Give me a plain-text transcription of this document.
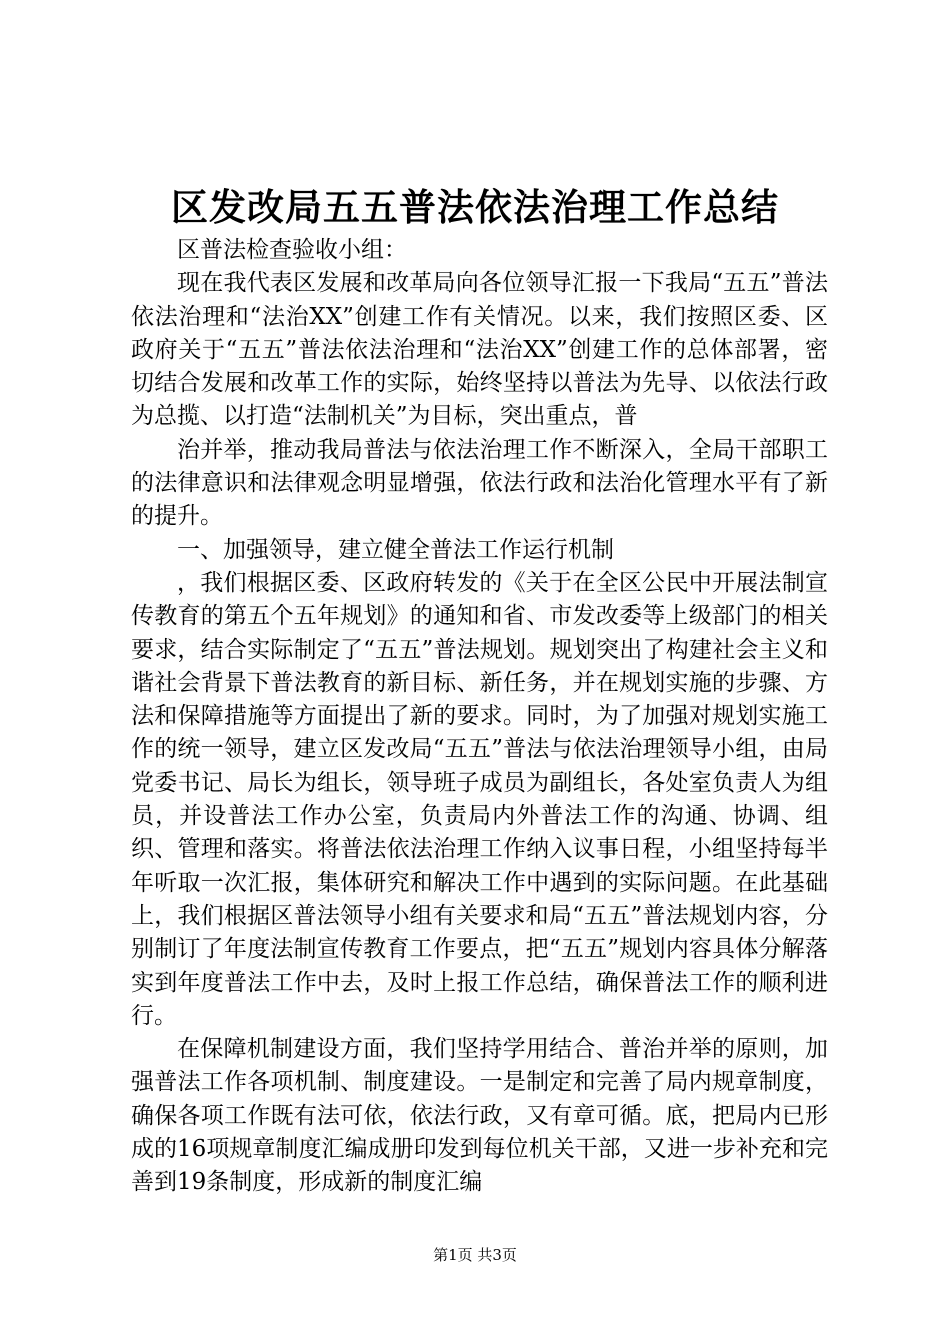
区发改局五五普法依法治理工作总结

区普法检查验收小组：

现在我代表区发展和改革局向各位领导汇报一下我局“五五”普法依法治理和“法治XX”创建工作有关情况。以来，我们按照区委、区政府关于“五五”普法依法治理和“法治XX”创建工作的总体部署，密切结合发展和改革工作的实际，始终坚持以普法为先导、以依法行政为总揽、以打造“法制机关”为目标，突出重点，普

治并举，推动我局普法与依法治理工作不断深入，全局干部职工的法律意识和法律观念明显增强，依法行政和法治化管理水平有了新的提升。

一、加强领导，建立健全普法工作运行机制

，我们根据区委、区政府转发的《关于在全区公民中开展法制宣传教育的第五个五年规划》的通知和省、市发改委等上级部门的相关要求，结合实际制定了“五五”普法规划。规划突出了构建社会主义和谐社会背景下普法教育的新目标、新任务，并在规划实施的步骤、方法和保障措施等方面提出了新的要求。同时，为了加强对规划实施工作的统一领导，建立区发改局“五五”普法与依法治理领导小组，由局党委书记、局长为组长，领导班子成员为副组长，各处室负责人为组员，并设普法工作办公室，负责局内外普法工作的沟通、协调、组织、管理和落实。将普法依法治理工作纳入议事日程，小组坚持每半年听取一次汇报，集体研究和解决工作中遇到的实际问题。在此基础上，我们根据区普法领导小组有关要求和局“五五”普法规划内容，分别制订了年度法制宣传教育工作要点，把“五五”规划内容具体分解落实到年度普法工作中去，及时上报工作总结，确保普法工作的顺利进行。

在保障机制建设方面，我们坚持学用结合、普治并举的原则，加强普法工作各项机制、制度建设。一是制定和完善了局内规章制度，确保各项工作既有法可依，依法行政，又有章可循。底，把局内已形成的16项规章制度汇编成册印发到每位机关干部，又进一步补充和完善到19条制度，形成新的制度汇编

第1页 共3页
